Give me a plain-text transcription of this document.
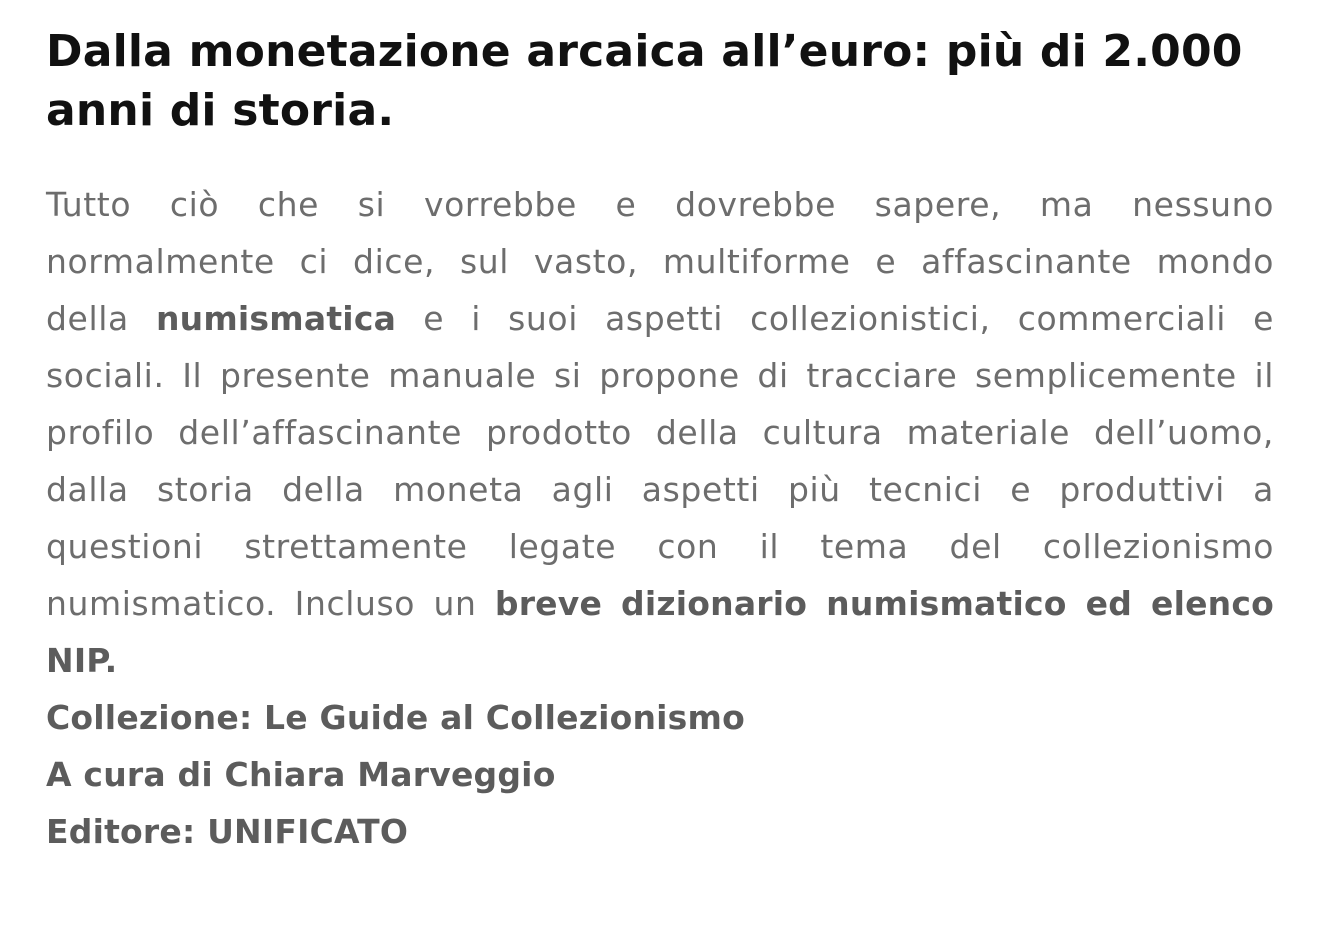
Dalla monetazione arcaica all’euro: più di 2.000 anni di storia.

Tutto ciò che si vorrebbe e dovrebbe sapere, ma nessuno normalmente ci dice, sul vasto, multiforme e affascinante mondo della numismatica e i suoi aspetti collezionistici, commerciali e sociali. Il presente manuale si propone di tracciare semplicemente il profilo dell’affascinante prodotto della cultura materiale dell’uomo, dalla storia della moneta agli aspetti più tecnici e produttivi a questioni strettamente legate con il tema del collezionismo numismatico. Incluso un breve dizionario numismatico ed elenco NIP.

Collezione: Le Guide al Collezionismo

A cura di Chiara Marveggio

Editore: UNIFICATO
